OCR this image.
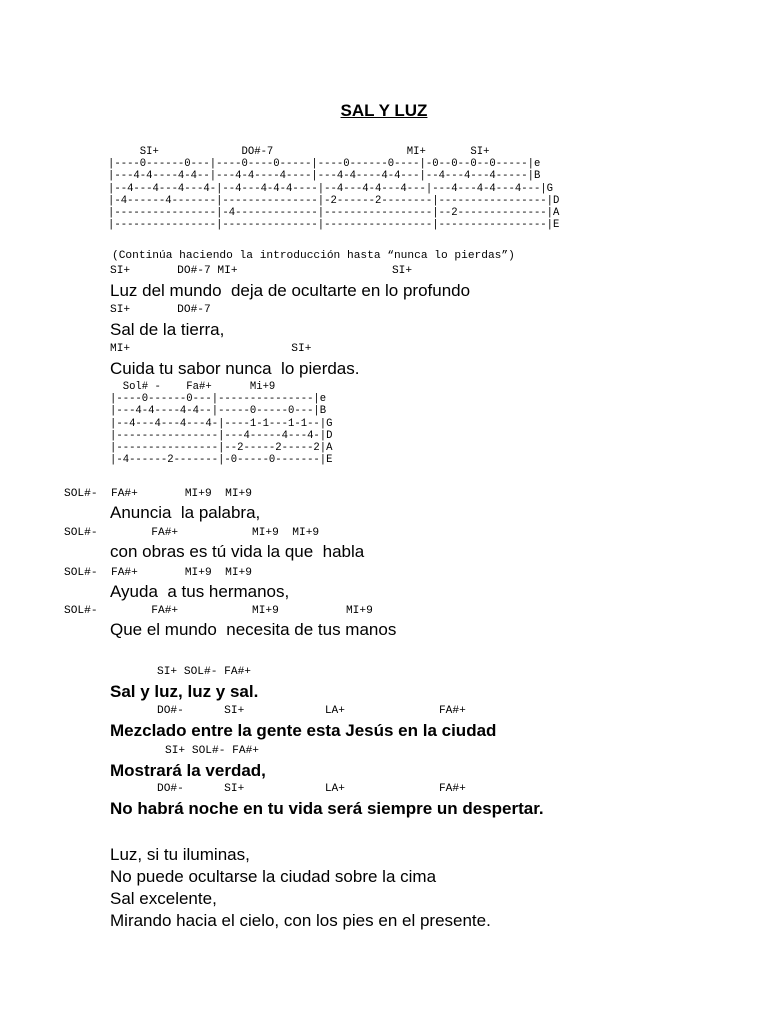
SAL Y LUZ
SI+             DO#-7                     MI+       SI+
|----0------0---|----0----0-----|----0------0----|-0--0--0--0-----|e
|---4-4----4-4--|---4-4----4----|---4-4----4-4---|--4---4---4-----|B
|--4---4---4---4-|--4---4-4-4----|--4---4-4---4---|---4---4-4---4---|G
|-4------4-------|---------------|-2------2--------|-----------------|D
|----------------|-4-------------|-----------------|--2--------------|A
|----------------|---------------|-----------------|-----------------|E
(Continúa haciendo la introducción hasta “nunca lo pierdas”)
SI+       DO#-7 MI+                       SI+
Luz del mundo  deja de ocultarte en lo profundo
SI+       DO#-7
Sal de la tierra,
MI+                        SI+
Cuida tu sabor nunca  lo pierdas.
Sol# -    Fa#+      Mi+9
|----0------0---|---------------|e
|---4-4----4-4--|-----0-----0---|B
|--4---4---4---4-|----1-1---1-1--|G
|----------------|---4-----4---4-|D
|----------------|--2-----2-----2|A
|-4------2-------|-0-----0-------|E
SOL#-  FA#+       MI+9  MI+9
Anuncia  la palabra,
SOL#-        FA#+           MI+9  MI+9
con obras es tú vida la que  habla
SOL#-  FA#+       MI+9  MI+9
Ayuda  a tus hermanos,
SOL#-        FA#+           MI+9          MI+9
Que el mundo  necesita de tus manos
SI+ SOL#- FA#+
Sal y luz, luz y sal.
DO#-      SI+            LA+              FA#+
Mezclado entre la gente esta Jesús en la ciudad
SI+ SOL#- FA#+
Mostrará la verdad,
DO#-      SI+            LA+              FA#+
No habrá noche en tu vida será siempre un despertar.
Luz, si tu iluminas,
No puede ocultarse la ciudad sobre la cima
Sal excelente,
Mirando hacia el cielo, con los pies en el presente.
